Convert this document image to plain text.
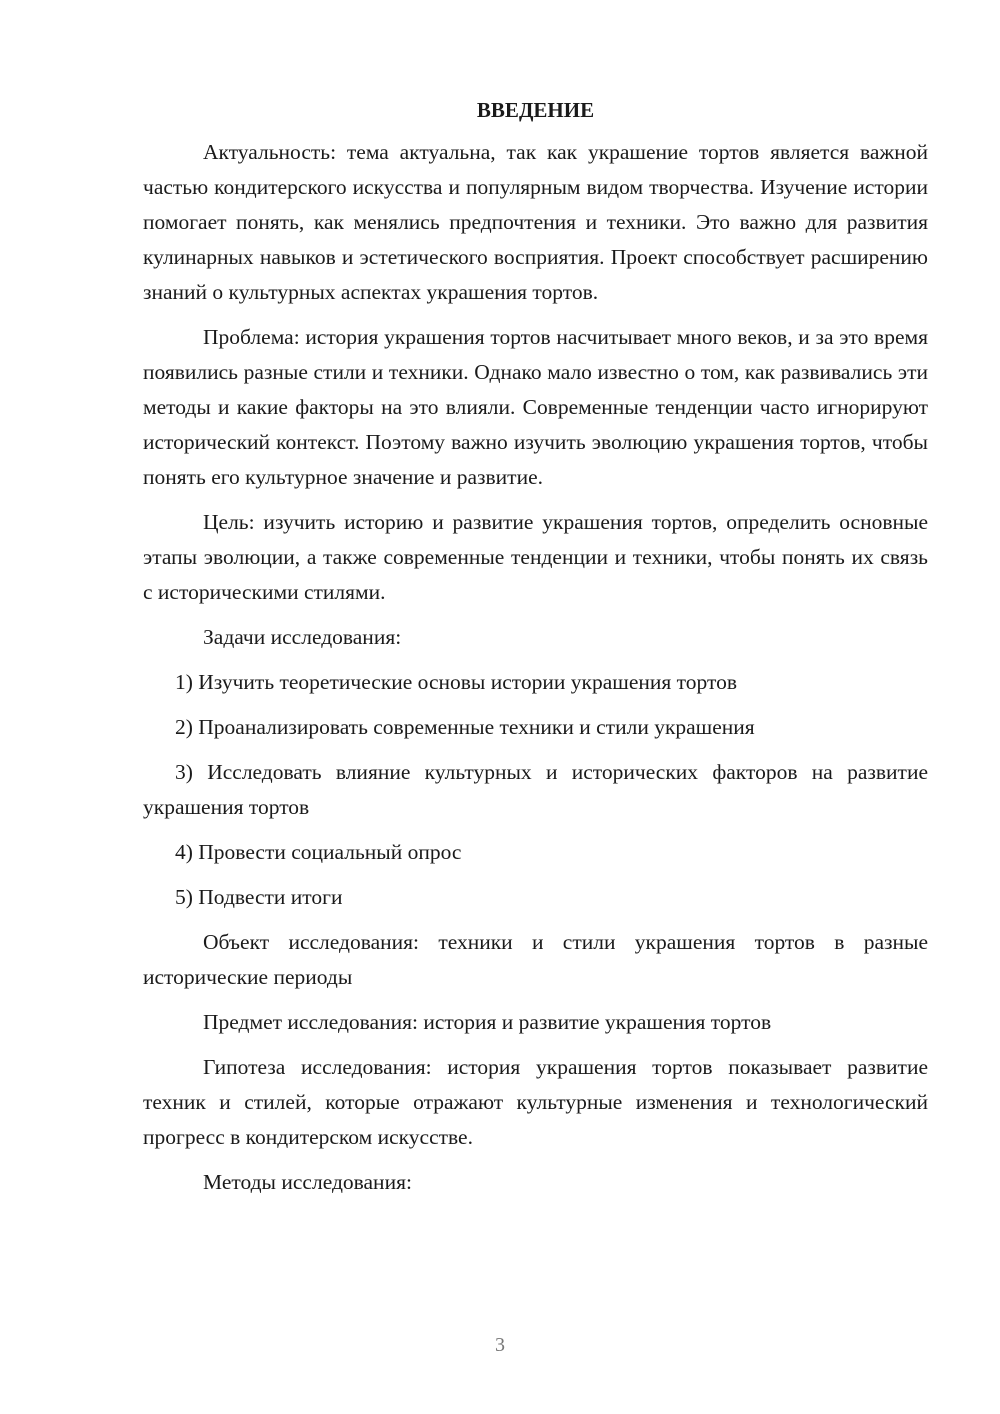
ВВЕДЕНИЕ

Актуальность: тема актуальна, так как украшение тортов является важной частью кондитерского искусства и популярным видом творчества. Изучение истории помогает понять, как менялись предпочтения и техники. Это важно для развития кулинарных навыков и эстетического восприятия. Проект способствует расширению знаний о культурных аспектах украшения тортов.

Проблема: история украшения тортов насчитывает много веков, и за это время появились разные стили и техники. Однако мало известно о том, как развивались эти методы и какие факторы на это влияли. Современные тенденции часто игнорируют исторический контекст. Поэтому важно изучить эволюцию украшения тортов, чтобы понять его культурное значение и развитие.

Цель: изучить историю и развитие украшения тортов, определить основные этапы эволюции, а также современные тенденции и техники, чтобы понять их связь с историческими стилями.

Задачи исследования:

1) Изучить теоретические основы истории украшения тортов

2) Проанализировать современные техники и стили украшения

3) Исследовать влияние культурных и исторических факторов на развитие украшения тортов

4) Провести социальный опрос

5) Подвести итоги

Объект исследования: техники и стили украшения тортов в разные исторические периоды

Предмет исследования: история и развитие украшения тортов

Гипотеза исследования: история украшения тортов показывает развитие техник и стилей, которые отражают культурные изменения и технологический прогресс в кондитерском искусстве.

Методы исследования:

3
